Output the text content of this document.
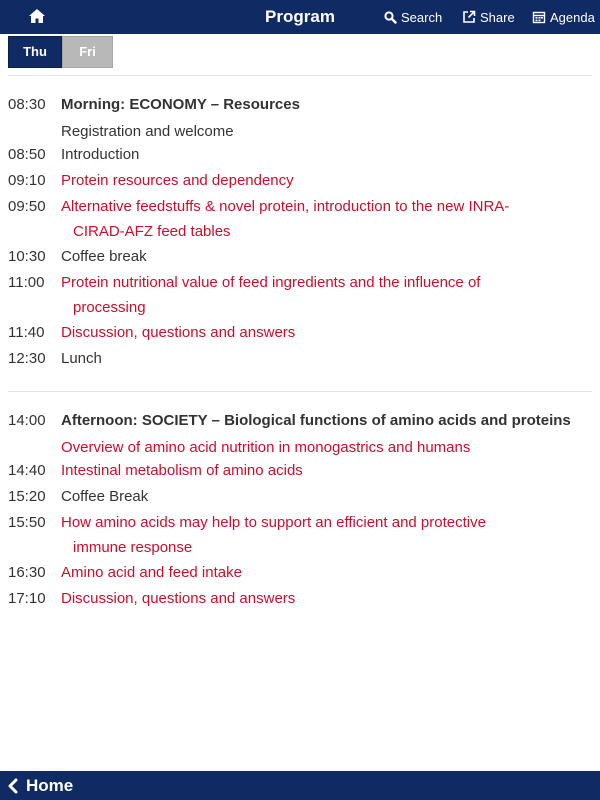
Program	Search	Share	Agenda
Thu	Fri
08:30 Morning: ECONOMY – Resources
Registration and welcome
08:50 Introduction
09:10 Protein resources and dependency
09:50 Alternative feedstuffs & novel protein, introduction to the new INRA-CIRAD-AFZ feed tables
10:30 Coffee break
11:00 Protein nutritional value of feed ingredients and the influence of processing
11:40 Discussion, questions and answers
12:30 Lunch
14:00 Afternoon: SOCIETY – Biological functions of amino acids and proteins
Overview of amino acid nutrition in monogastrics and humans
14:40 Intestinal metabolism of amino acids
15:20 Coffee Break
15:50 How amino acids may help to support an efficient and protective immune response
16:30 Amino acid and feed intake
17:10 Discussion, questions and answers
Home
